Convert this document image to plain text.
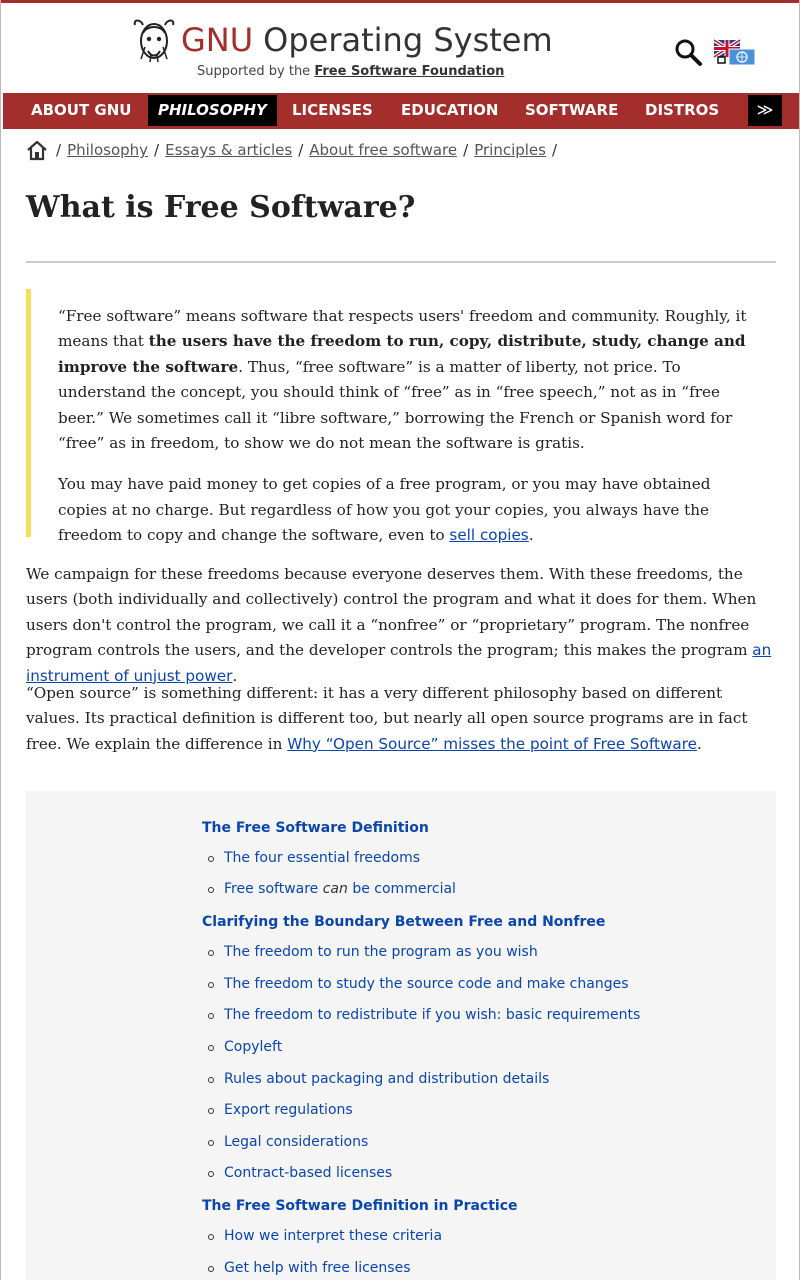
GNU Operating System
Supported by the Free Software Foundation
ABOUT GNU	PHILOSOPHY	LICENSES EDUCATION SOFTWARE DISTROS	≫
/ Philosophy / Essays & articles / About free software / Principles /
What is Free Software?

“Free software” means software that respects users' freedom and community. Roughly, it means that the users have the freedom to run, copy, distribute, study, change and improve the software. Thus, “free software” is a matter of liberty, not price. To understand the concept, you should think of “free” as in “free speech,” not as in “free beer.” We sometimes call it “libre software,” borrowing the French or Spanish word for “free” as in freedom, to show we do not mean the software is gratis.

You may have paid money to get copies of a free program, or you may have obtained copies at no charge. But regardless of how you got your copies, you always have the freedom to copy and change the software, even to sell copies.

We campaign for these freedoms because everyone deserves them. With these freedoms, the users (both individually and collectively) control the program and what it does for them. When users don't control the program, we call it a “nonfree” or “proprietary” program. The nonfree program controls the users, and the developer controls the program; this makes the program an instrument of unjust power.

“Open source” is something different: it has a very different philosophy based on different values. Its practical definition is different too, but nearly all open source programs are in fact free. We explain the difference in Why “Open Source” misses the point of Free Software.

The Free Software Definition
The four essential freedoms
Free software can be commercial
Clarifying the Boundary Between Free and Nonfree
The freedom to run the program as you wish
The freedom to study the source code and make changes
The freedom to redistribute if you wish: basic requirements
Copyleft
Rules about packaging and distribution details
Export regulations
Legal considerations
Contract-based licenses
The Free Software Definition in Practice
How we interpret these criteria
Get help with free licenses
